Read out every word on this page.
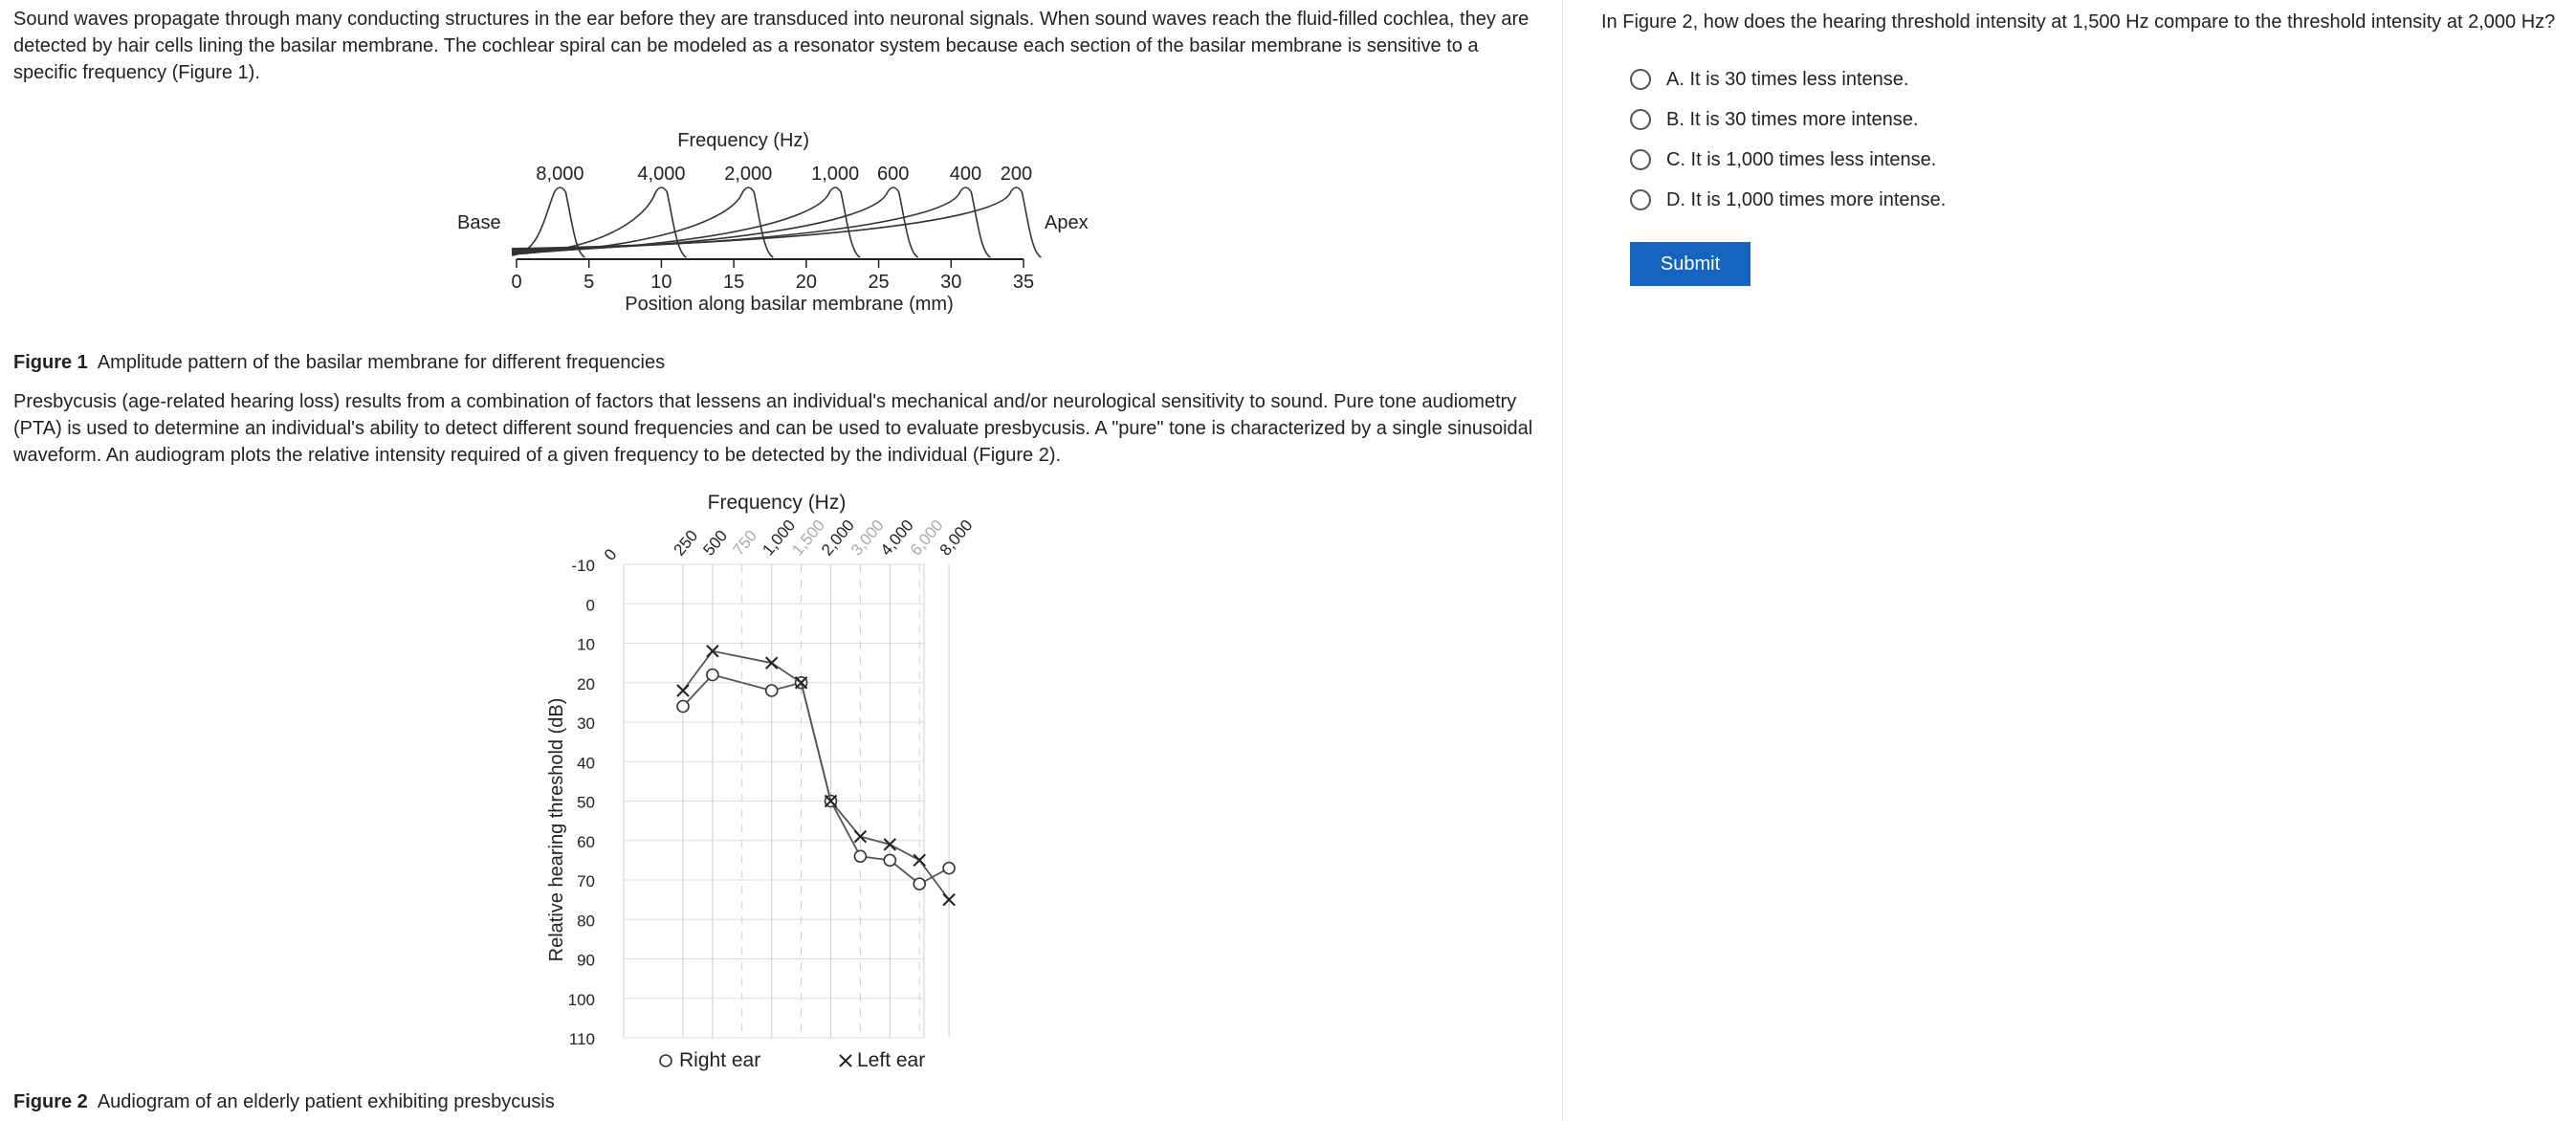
Sound waves propagate through many conducting structures in the ear before they are transduced into neuronal signals. When sound waves reach the fluid-filled cochlea, they are detected by hair cells lining the basilar membrane. The cochlear spiral can be modeled as a resonator system because each section of the basilar membrane is sensitive to a specific frequency (Figure 1).

Frequency (Hz)
Base	Apex
8,000	4,000 2,000 1,000 600 400 200
0	5	10	15	20	25	30	35
Position along basilar membrane (mm)

Figure 1 Amplitude pattern of the basilar membrane for different frequencies

Presbycusis (age-related hearing loss) results from a combination of factors that lessens an individual's mechanical and/or neurological sensitivity to sound. Pure tone audiometry (PTA) is used to determine an individual's ability to detect different sound frequencies and can be used to evaluate presbycusis. A "pure" tone is characterized by a single sinusoidal waveform. An audiogram plots the relative intensity required of a given frequency to be detected by the individual (Figure 2).

Frequency (Hz)
-10
0
10
20
30
40
50
60
70
80
90
100
110
0	250
500
750
1,000
1,500
2,000
3,000
4,000
6,000
8,000
Relative hearing threshold (dB)
Right ear	Left ear

Figure 2 Audiogram of an elderly patient exhibiting presbycusis

In Figure 2, how does the hearing threshold intensity at 1,500 Hz compare to the threshold intensity at 2,000 Hz?
A. It is 30 times less intense.
B. It is 30 times more intense.
C. It is 1,000 times less intense.
D. It is 1,000 times more intense.
Submit
